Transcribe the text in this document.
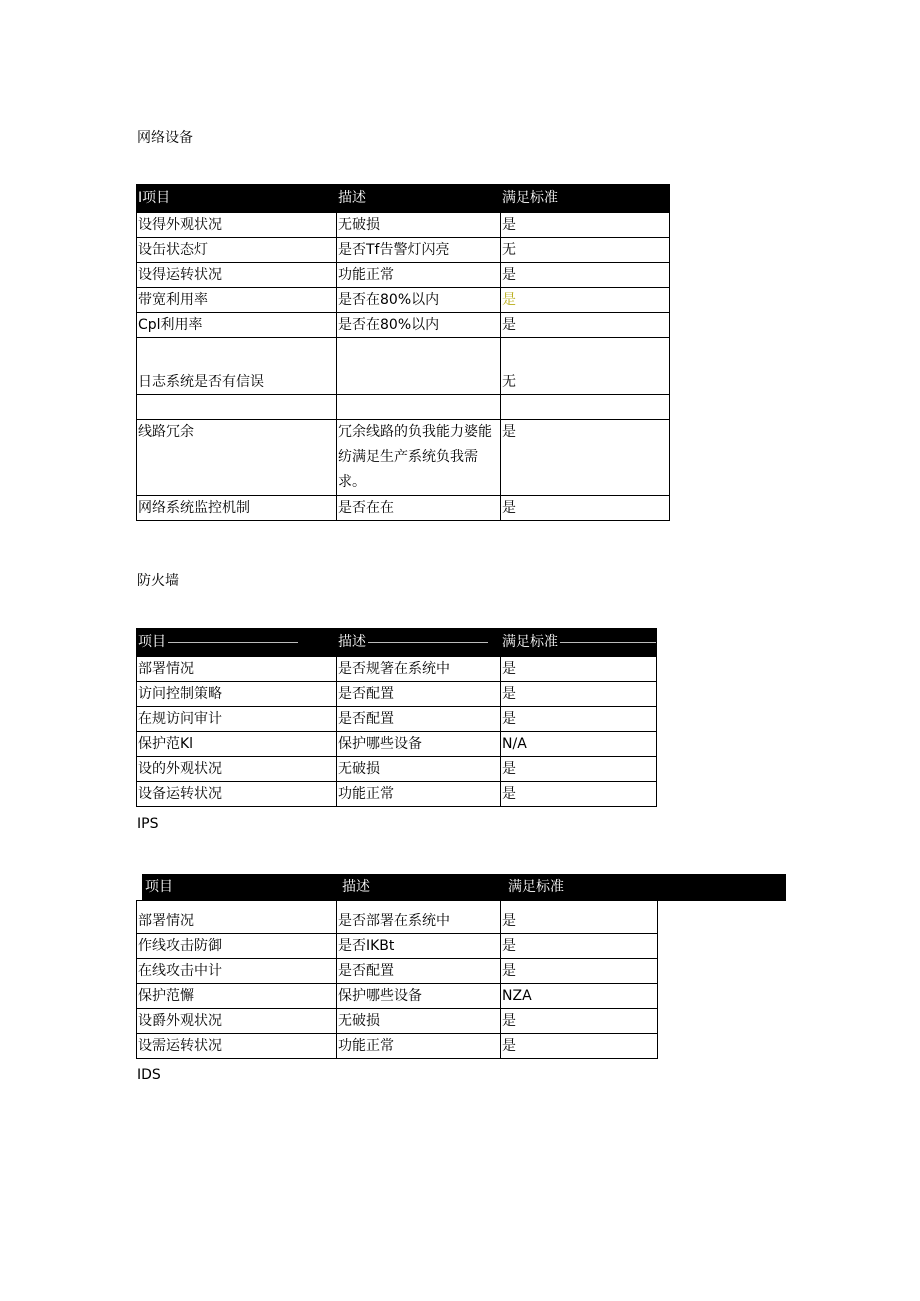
网络设备
I项目	描述	满足标准
设得外观状况	无破损	是
设缶状态灯	是否Tf告警灯闪亮	无
设得运转状况	功能正常	是
带宽利用率	是否在80%以内	是
Cpl利用率	是否在80%以内	是
日志系统是否有信误		无

线路冗余	冗余线路的负我能力婆能纺满足生产系统负我需求。	是
网络系统监控机制	是否在在	是
防火墙
项目	描述	满足标准
部署情况	是否规箸在系统中	是
访问控制策略	是否配置	是
在规访问审计	是否配置	是
保护范Kl	保护哪些设备	N/A
设的外观状况	无破损	是
设备运转状况	功能正常	是
IPS
项目	描述	满足标准
部署情况	是否部署在系统中	是
作线攻击防御	是否IKBt	是
在线攻击中计	是否配置	是
保护范懈	保护哪些设备	NZA
设爵外观状况	无破损	是
设需运转状况	功能正常	是
IDS
